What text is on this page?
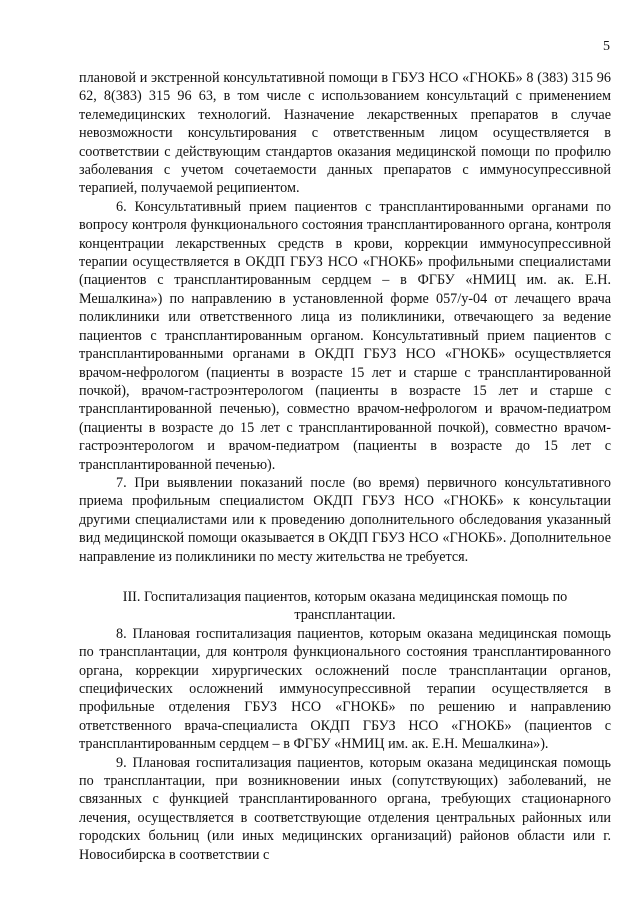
5

плановой и экстренной консультативной помощи в ГБУЗ НСО «ГНОКБ» 8 (383) 315 96 62, 8(383) 315 96 63, в том числе с использованием консультаций с применением телемедицинских технологий. Назначение лекарственных препаратов в случае невозможности консультирования с ответственным лицом осуществляется в соответствии с действующим стандартов оказания медицинской помощи по профилю заболевания с учетом сочетаемости данных препаратов с иммуносупрессивной терапией, получаемой реципиентом.

6. Консультативный прием пациентов с трансплантированными органами по вопросу контроля функционального состояния трансплантированного органа, контроля концентрации лекарственных средств в крови, коррекции иммуносупрессивной терапии осуществляется в ОКДП ГБУЗ НСО «ГНОКБ» профильными специалистами (пациентов с трансплантированным сердцем – в ФГБУ «НМИЦ им. ак. Е.Н. Мешалкина») по направлению в установленной форме 057/у-04 от лечащего врача поликлиники или ответственного лица из поликлиники, отвечающего за ведение пациентов с трансплантированным органом. Консультативный прием пациентов с трансплантированными органами в ОКДП ГБУЗ НСО «ГНОКБ» осуществляется врачом-нефрологом (пациенты в возрасте 15 лет и старше с трансплантированной почкой), врачом-гастроэнтерологом (пациенты в возрасте 15 лет и старше с трансплантированной печенью), совместно врачом-нефрологом и врачом-педиатром (пациенты в возрасте до 15 лет с трансплантированной почкой), совместно врачом-гастроэнтерологом и врачом-педиатром (пациенты в возрасте до 15 лет с трансплантированной печенью).

7. При выявлении показаний после (во время) первичного консультативного приема профильным специалистом ОКДП ГБУЗ НСО «ГНОКБ» к консультации другими специалистами или к проведению дополнительного обследования указанный вид медицинской помощи оказывается в ОКДП ГБУЗ НСО «ГНОКБ». Дополнительное направление из поликлиники по месту жительства не требуется.

III. Госпитализация пациентов, которым оказана медицинская помощь по трансплантации.

8. Плановая госпитализация пациентов, которым оказана медицинская помощь по трансплантации, для контроля функционального состояния трансплантированного органа, коррекции хирургических осложнений после трансплантации органов, специфических осложнений иммуносупрессивной терапии осуществляется в профильные отделения ГБУЗ НСО «ГНОКБ» по решению и направлению ответственного врача-специалиста ОКДП ГБУЗ НСО «ГНОКБ» (пациентов с трансплантированным сердцем – в ФГБУ «НМИЦ им. ак. Е.Н. Мешалкина»).

9. Плановая госпитализация пациентов, которым оказана медицинская помощь по трансплантации, при возникновении иных (сопутствующих) заболеваний, не связанных с функцией трансплантированного органа, требующих стационарного лечения, осуществляется в соответствующие отделения центральных районных или городских больниц (или иных медицинских организаций) районов области или г. Новосибирска в соответствии с
